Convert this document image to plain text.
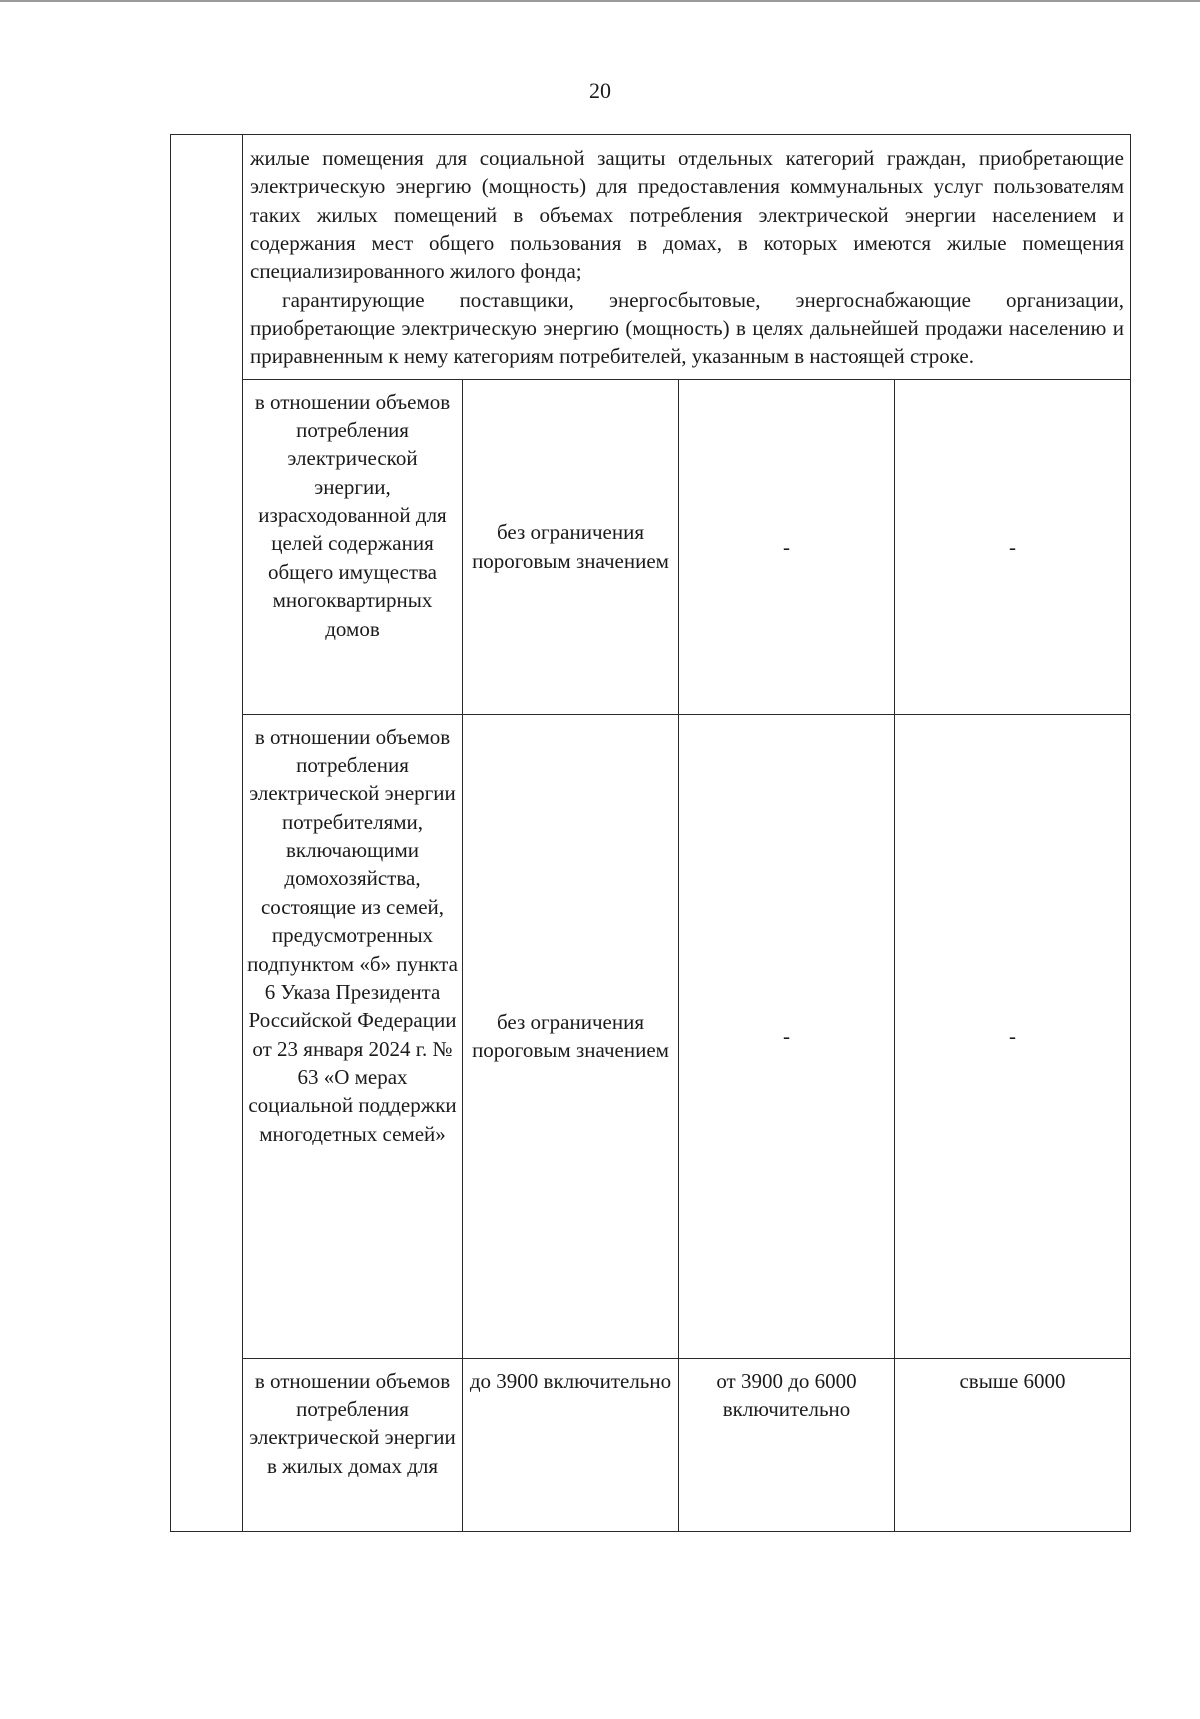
20

	жилые помещения для социальной защиты отдельных категорий граждан, приобретающие электрическую энергию (мощность) для предоставления коммунальных услуг пользователям таких жилых помещений в объемах потребления электрической энергии населением и содержания мест общего пользования в домах, в которых имеются жилые помещения специализированного жилого фонда;

гарантирующие поставщики, энергосбытовые, энергоснабжающие организации, приобретающие электрическую энергию (мощность) в целях дальнейшей продажи населению и приравненным к нему категориям потребителей, указанным в настоящей строке.			

	в отношении объемов потребления электрической энергии, израсходованной для целей содержания общего имущества многоквартирных домов	без ограничения пороговым значением	-	-

	в отношении объемов потребления электрической энергии потребителями, включающими домохозяйства, состоящие из семей, предусмотренных подпунктом «б» пункта 6 Указа Президента Российской Федерации от 23 января 2024 г. № 63 «О мерах социальной поддержки многодетных семей»	без ограничения пороговым значением	-	-

	в отношении объемов потребления электрической энергии в жилых домах для	до 3900 включительно	от 3900 до 6000 включительно	свыше 6000
